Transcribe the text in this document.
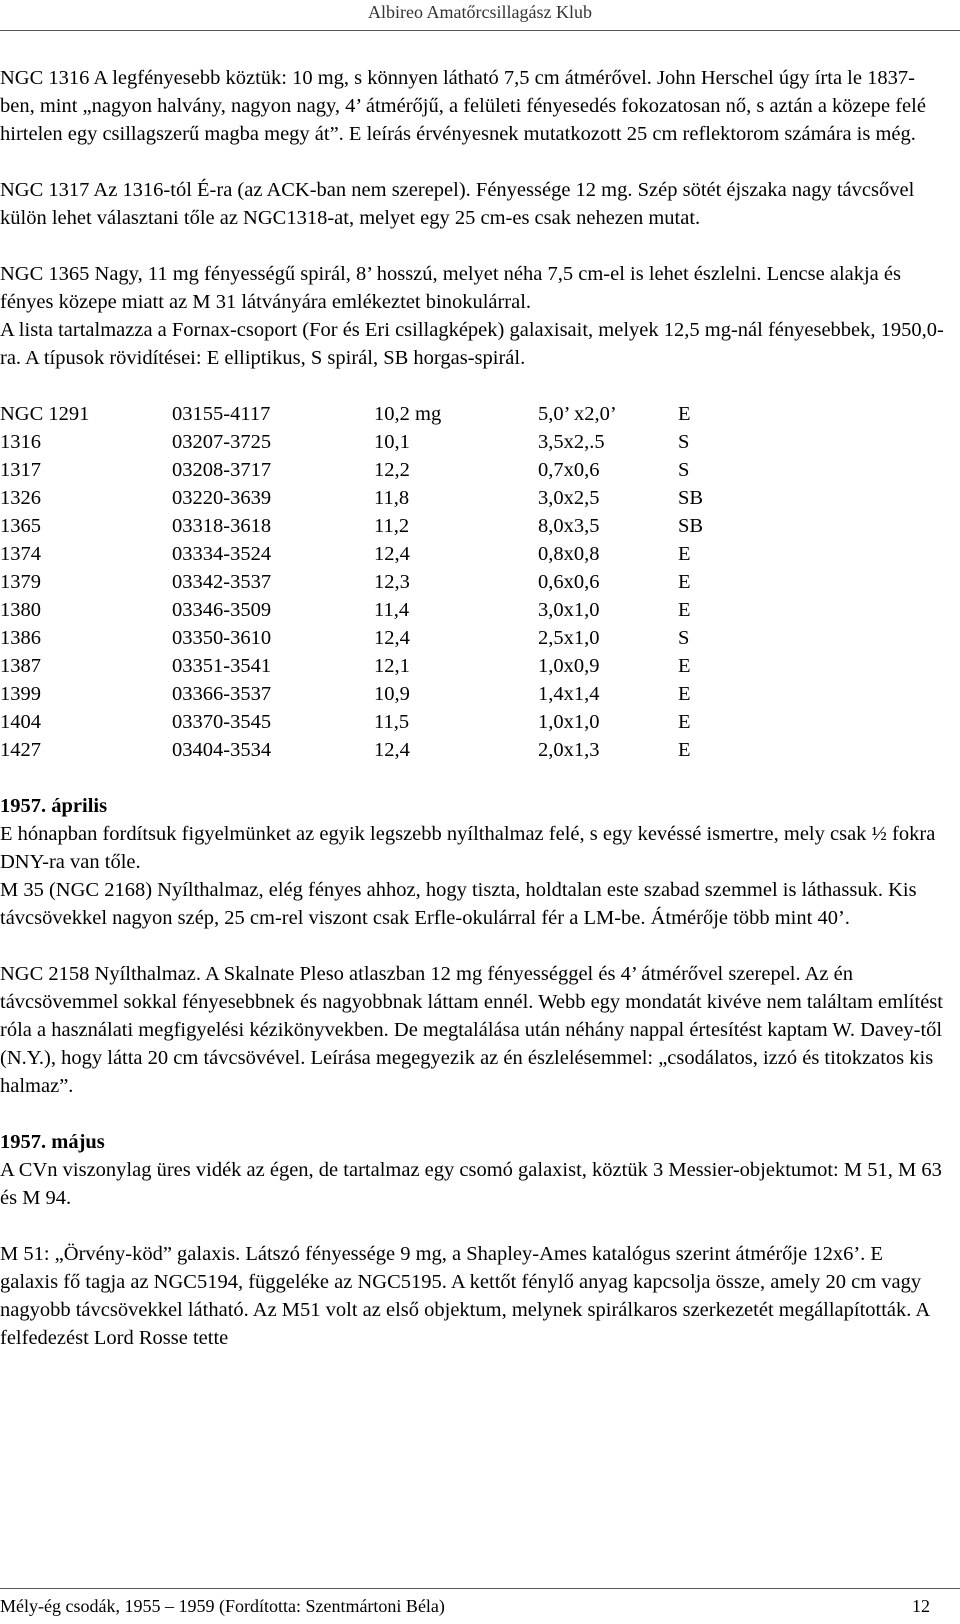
Albireo Amatőrcsillagász Klub

NGC 1316 A legfényesebb köztük: 10 mg, s könnyen látható 7,5 cm átmérővel. John Herschel úgy írta le 1837-ben, mint „nagyon halvány, nagyon nagy, 4’ átmérőjű, a felületi fényesedés fokozatosan nő, s aztán a közepe felé hirtelen egy csillagszerű magba megy át”. E leírás érvényesnek mutatkozott 25 cm reflektorom számára is még.

NGC 1317 Az 1316-tól É-ra (az ACK-ban nem szerepel). Fényessége 12 mg. Szép sötét éjszaka nagy távcsővel külön lehet választani tőle az NGC1318-at, melyet egy 25 cm-es csak nehezen mutat.

NGC 1365 Nagy, 11 mg fényességű spirál, 8’ hosszú, melyet néha 7,5 cm-el is lehet észlelni. Lencse alakja és fényes közepe miatt az M 31 látványára emlékeztet binokulárral.

A lista tartalmazza a Fornax-csoport (For és Eri csillagképek) galaxisait, melyek 12,5 mg-nál fényesebbek, 1950,0-ra. A típusok rövidítései: E elliptikus, S spirál, SB horgas-spirál.

NGC 1291	03155-4117	10,2 mg	5,0’ x2,0’	E
1316	03207-3725	10,1	3,5x2,.5	S
1317	03208-3717	12,2	0,7x0,6	S
1326	03220-3639	11,8	3,0x2,5	SB
1365	03318-3618	11,2	8,0x3,5	SB
1374	03334-3524	12,4	0,8x0,8	E
1379	03342-3537	12,3	0,6x0,6	E
1380	03346-3509	11,4	3,0x1,0	E
1386	03350-3610	12,4	2,5x1,0	S
1387	03351-3541	12,1	1,0x0,9	E
1399	03366-3537	10,9	1,4x1,4	E
1404	03370-3545	11,5	1,0x1,0	E
1427	03404-3534	12,4	2,0x1,3	E

1957. április

E hónapban fordítsuk figyelmünket az egyik legszebb nyílthalmaz felé, s egy kevéssé ismertre, mely csak ½ fokra DNY-ra van tőle.

M 35 (NGC 2168) Nyílthalmaz, elég fényes ahhoz, hogy tiszta, holdtalan este szabad szemmel is láthassuk. Kis távcsövekkel nagyon szép, 25 cm-rel viszont csak Erfle-okulárral fér a LM-be. Átmérője több mint 40’.

NGC 2158 Nyílthalmaz. A Skalnate Pleso atlaszban 12 mg fényességgel és 4’ átmérővel szerepel. Az én távcsövemmel sokkal fényesebbnek és nagyobbnak láttam ennél. Webb egy mondatát kivéve nem találtam említést róla a használati megfigyelési kézikönyvekben. De megtalálása után néhány nappal értesítést kaptam W. Davey-től (N.Y.), hogy látta 20 cm távcsövével. Leírása megegyezik az én észlelésemmel: „csodálatos, izzó és titokzatos kis halmaz”.

1957. május

A CVn viszonylag üres vidék az égen, de tartalmaz egy csomó galaxist, köztük 3 Messier-objektumot: M 51, M 63 és M 94.

M 51: „Örvény-köd” galaxis. Látszó fényessége 9 mg, a Shapley-Ames katalógus szerint átmérője 12x6’. E galaxis fő tagja az NGC5194, függeléke az NGC5195. A kettőt fénylő anyag kapcsolja össze, amely 20 cm vagy nagyobb távcsövekkel látható. Az M51 volt az első objektum, melynek spirálkaros szerkezetét megállapították. A felfedezést Lord Rosse tette

Mély-ég csodák, 1955 – 1959 (Fordította: Szentmártoni Béla)	12
